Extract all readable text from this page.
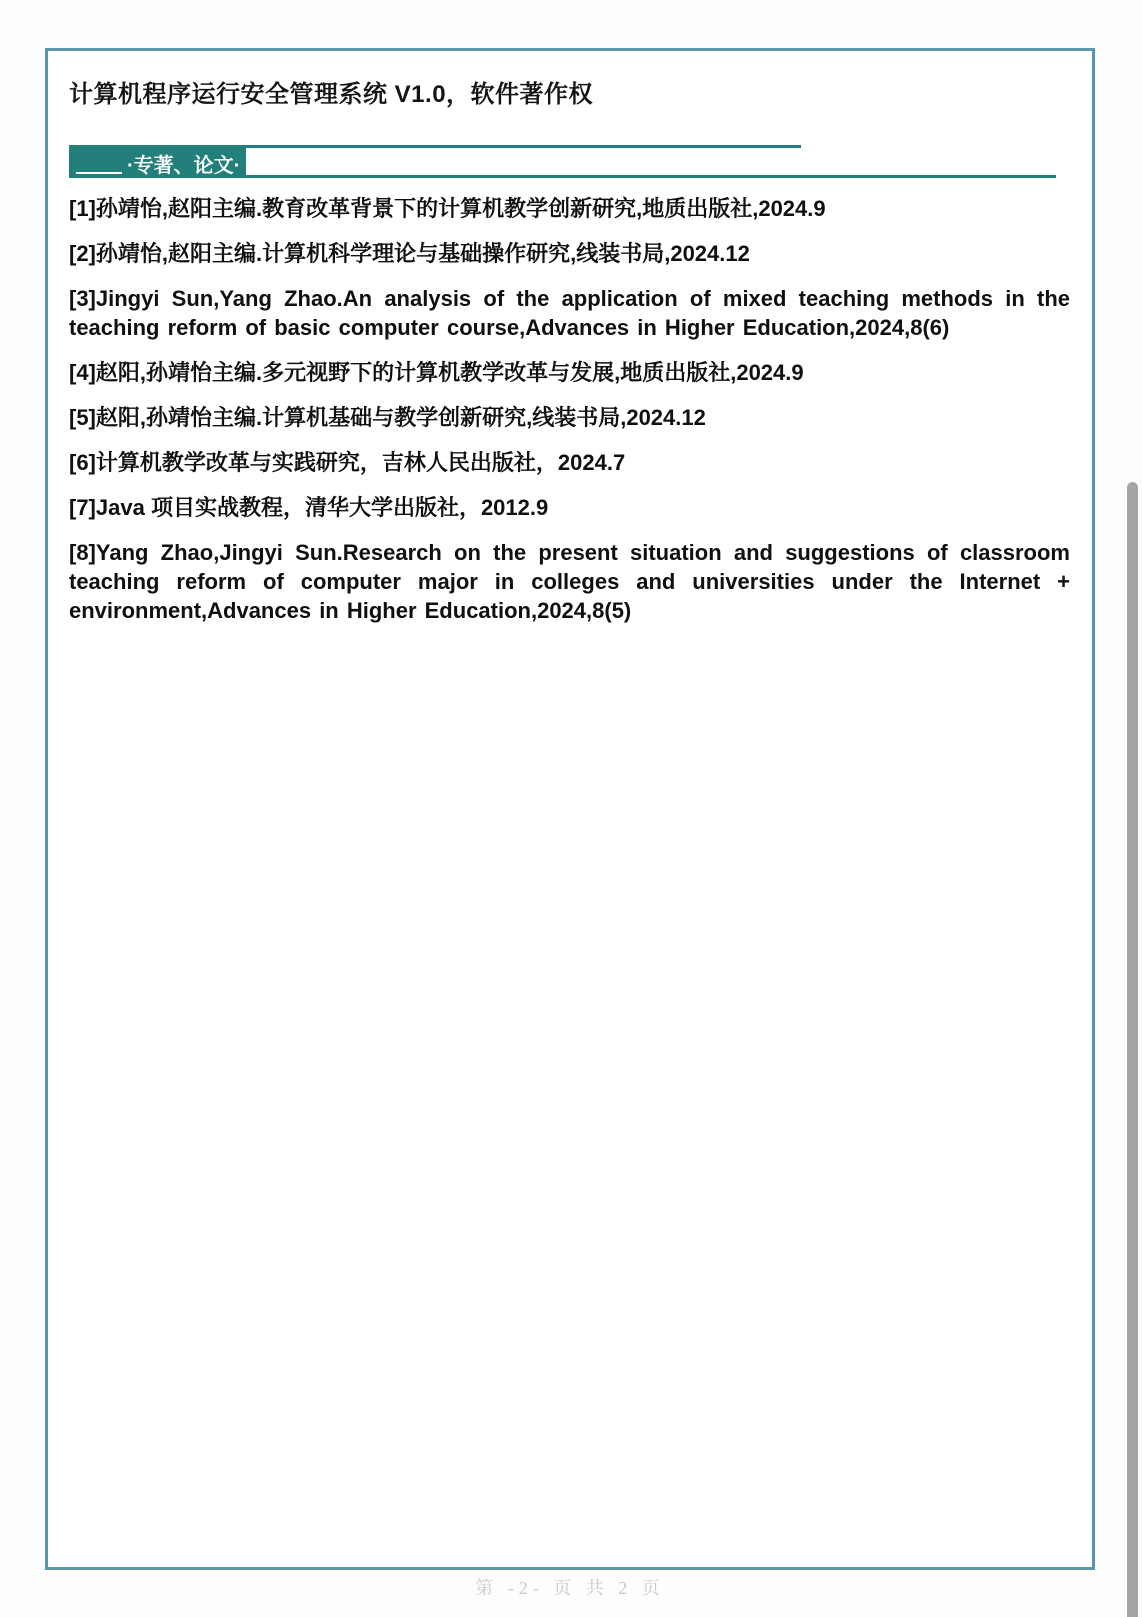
计算机程序运行安全管理系统 V1.0，软件著作权
·专著、论文·

[1]孙靖怡,赵阳主编.教育改革背景下的计算机教学创新研究,地质出版社,2024.9

[2]孙靖怡,赵阳主编.计算机科学理论与基础操作研究,线装书局,2024.12

[3]Jingyi Sun,Yang Zhao.An analysis of the application of mixed teaching methods in the teaching reform of basic computer course,Advances in Higher Education,2024,8(6)

[4]赵阳,孙靖怡主编.多元视野下的计算机教学改革与发展,地质出版社,2024.9

[5]赵阳,孙靖怡主编.计算机基础与教学创新研究,线装书局,2024.12

[6]计算机教学改革与实践研究，吉林人民出版社，2024.7

[7]Java 项目实战教程，清华大学出版社，2012.9

[8]Yang Zhao,Jingyi Sun.Research on the present situation and suggestions of classroom teaching reform of computer major in colleges and universities under the Internet + environment,Advances in Higher Education,2024,8(5)

第 -2- 页 共 2 页
